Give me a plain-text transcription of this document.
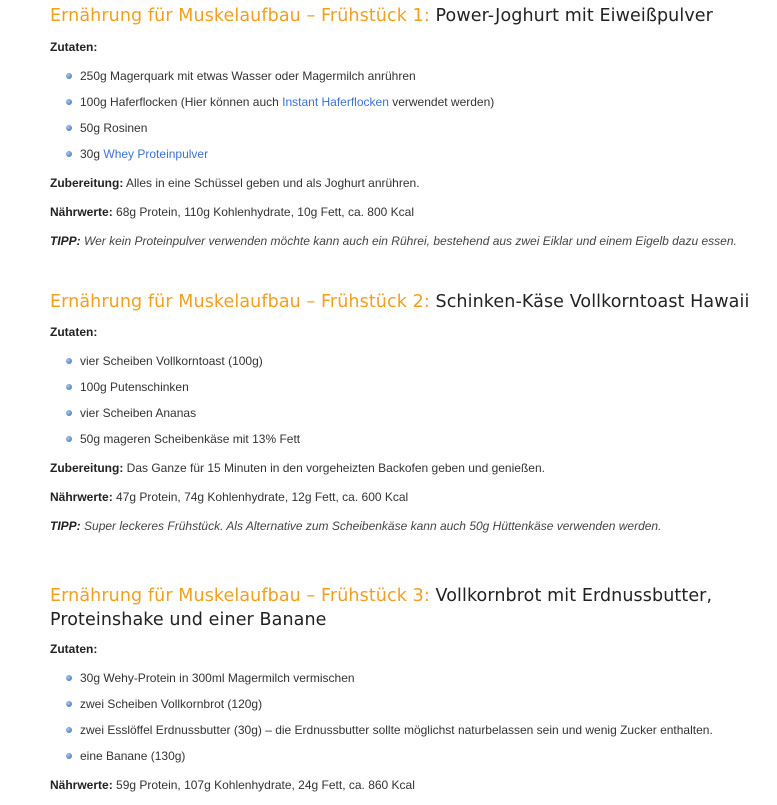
Ernährung für Muskelaufbau – Frühstück 1: Power-Joghurt mit Eiweißpulver
Zutaten:
250g Magerquark mit etwas Wasser oder Magermilch anrühren
100g Haferflocken (Hier können auch Instant Haferflocken verwendet werden)
50g Rosinen
30g Whey Proteinpulver
Zubereitung: Alles in eine Schüssel geben und als Joghurt anrühren.
Nährwerte: 68g Protein, 110g Kohlenhydrate, 10g Fett, ca. 800 Kcal
TIPP: Wer kein Proteinpulver verwenden möchte kann auch ein Rührei, bestehend aus zwei Eiklar und einem Eigelb dazu essen.
Ernährung für Muskelaufbau – Frühstück 2: Schinken-Käse Vollkorntoast Hawaii
Zutaten:
vier Scheiben Vollkorntoast (100g)
100g Putenschinken
vier Scheiben Ananas
50g mageren Scheibenkäse mit 13% Fett
Zubereitung: Das Ganze für 15 Minuten in den vorgeheizten Backofen geben und genießen.
Nährwerte: 47g Protein, 74g Kohlenhydrate, 12g Fett, ca. 600 Kcal
TIPP: Super leckeres Frühstück. Als Alternative zum Scheibenkäse kann auch 50g Hüttenkäse verwenden werden.
Ernährung für Muskelaufbau – Frühstück 3: Vollkornbrot mit Erdnussbutter,
Proteinshake und einer Banane
Zutaten:
30g Wehy-Protein in 300ml Magermilch vermischen
zwei Scheiben Vollkornbrot (120g)
zwei Esslöffel Erdnussbutter (30g) – die Erdnussbutter sollte möglichst naturbelassen sein und wenig Zucker enthalten.
eine Banane (130g)
Nährwerte: 59g Protein, 107g Kohlenhydrate, 24g Fett, ca. 860 Kcal
